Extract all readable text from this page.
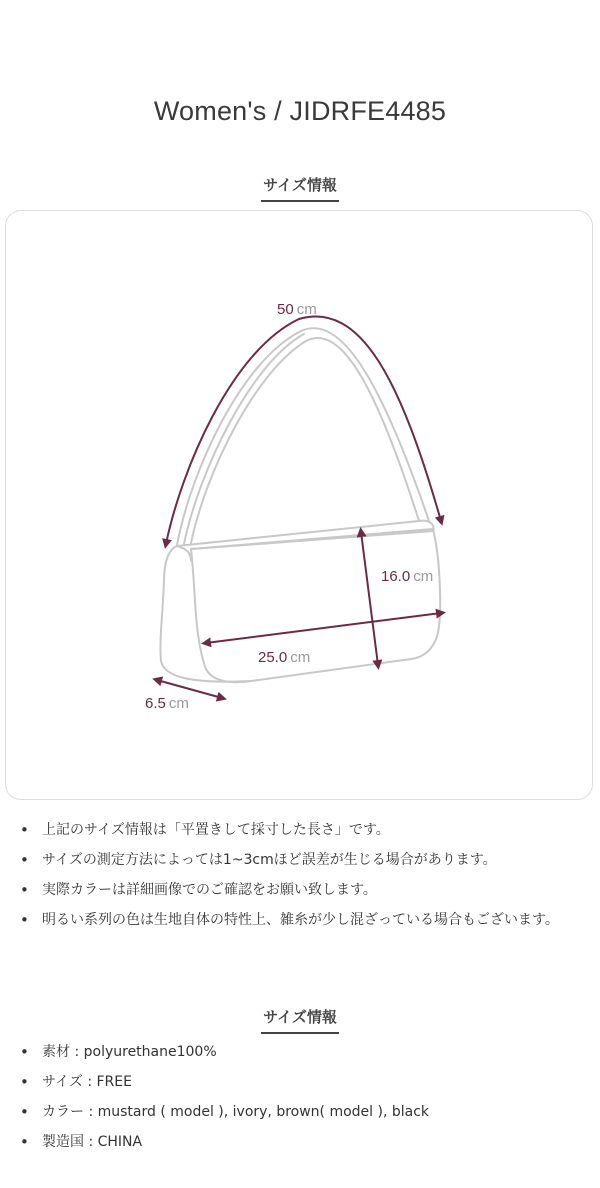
Women's / JIDRFE4485
サイズ情報
50 cm
16.0 cm
25.0 cm
6.5 cm
• 上記のサイズ情報は「平置きして採寸した長さ」です。
• サイズの測定方法によっては1~3cmほど誤差が生じる場合があります。
• 実際カラーは詳細画像でのご確認をお願い致します。
• 明るい系列の色は生地自体の特性上、雑糸が少し混ざっている場合もございます。
サイズ情報
• 素材 : polyurethane100%
• サイズ : FREE
• カラー : mustard ( model ), ivory, brown( model ), black
• 製造国 : CHINA
